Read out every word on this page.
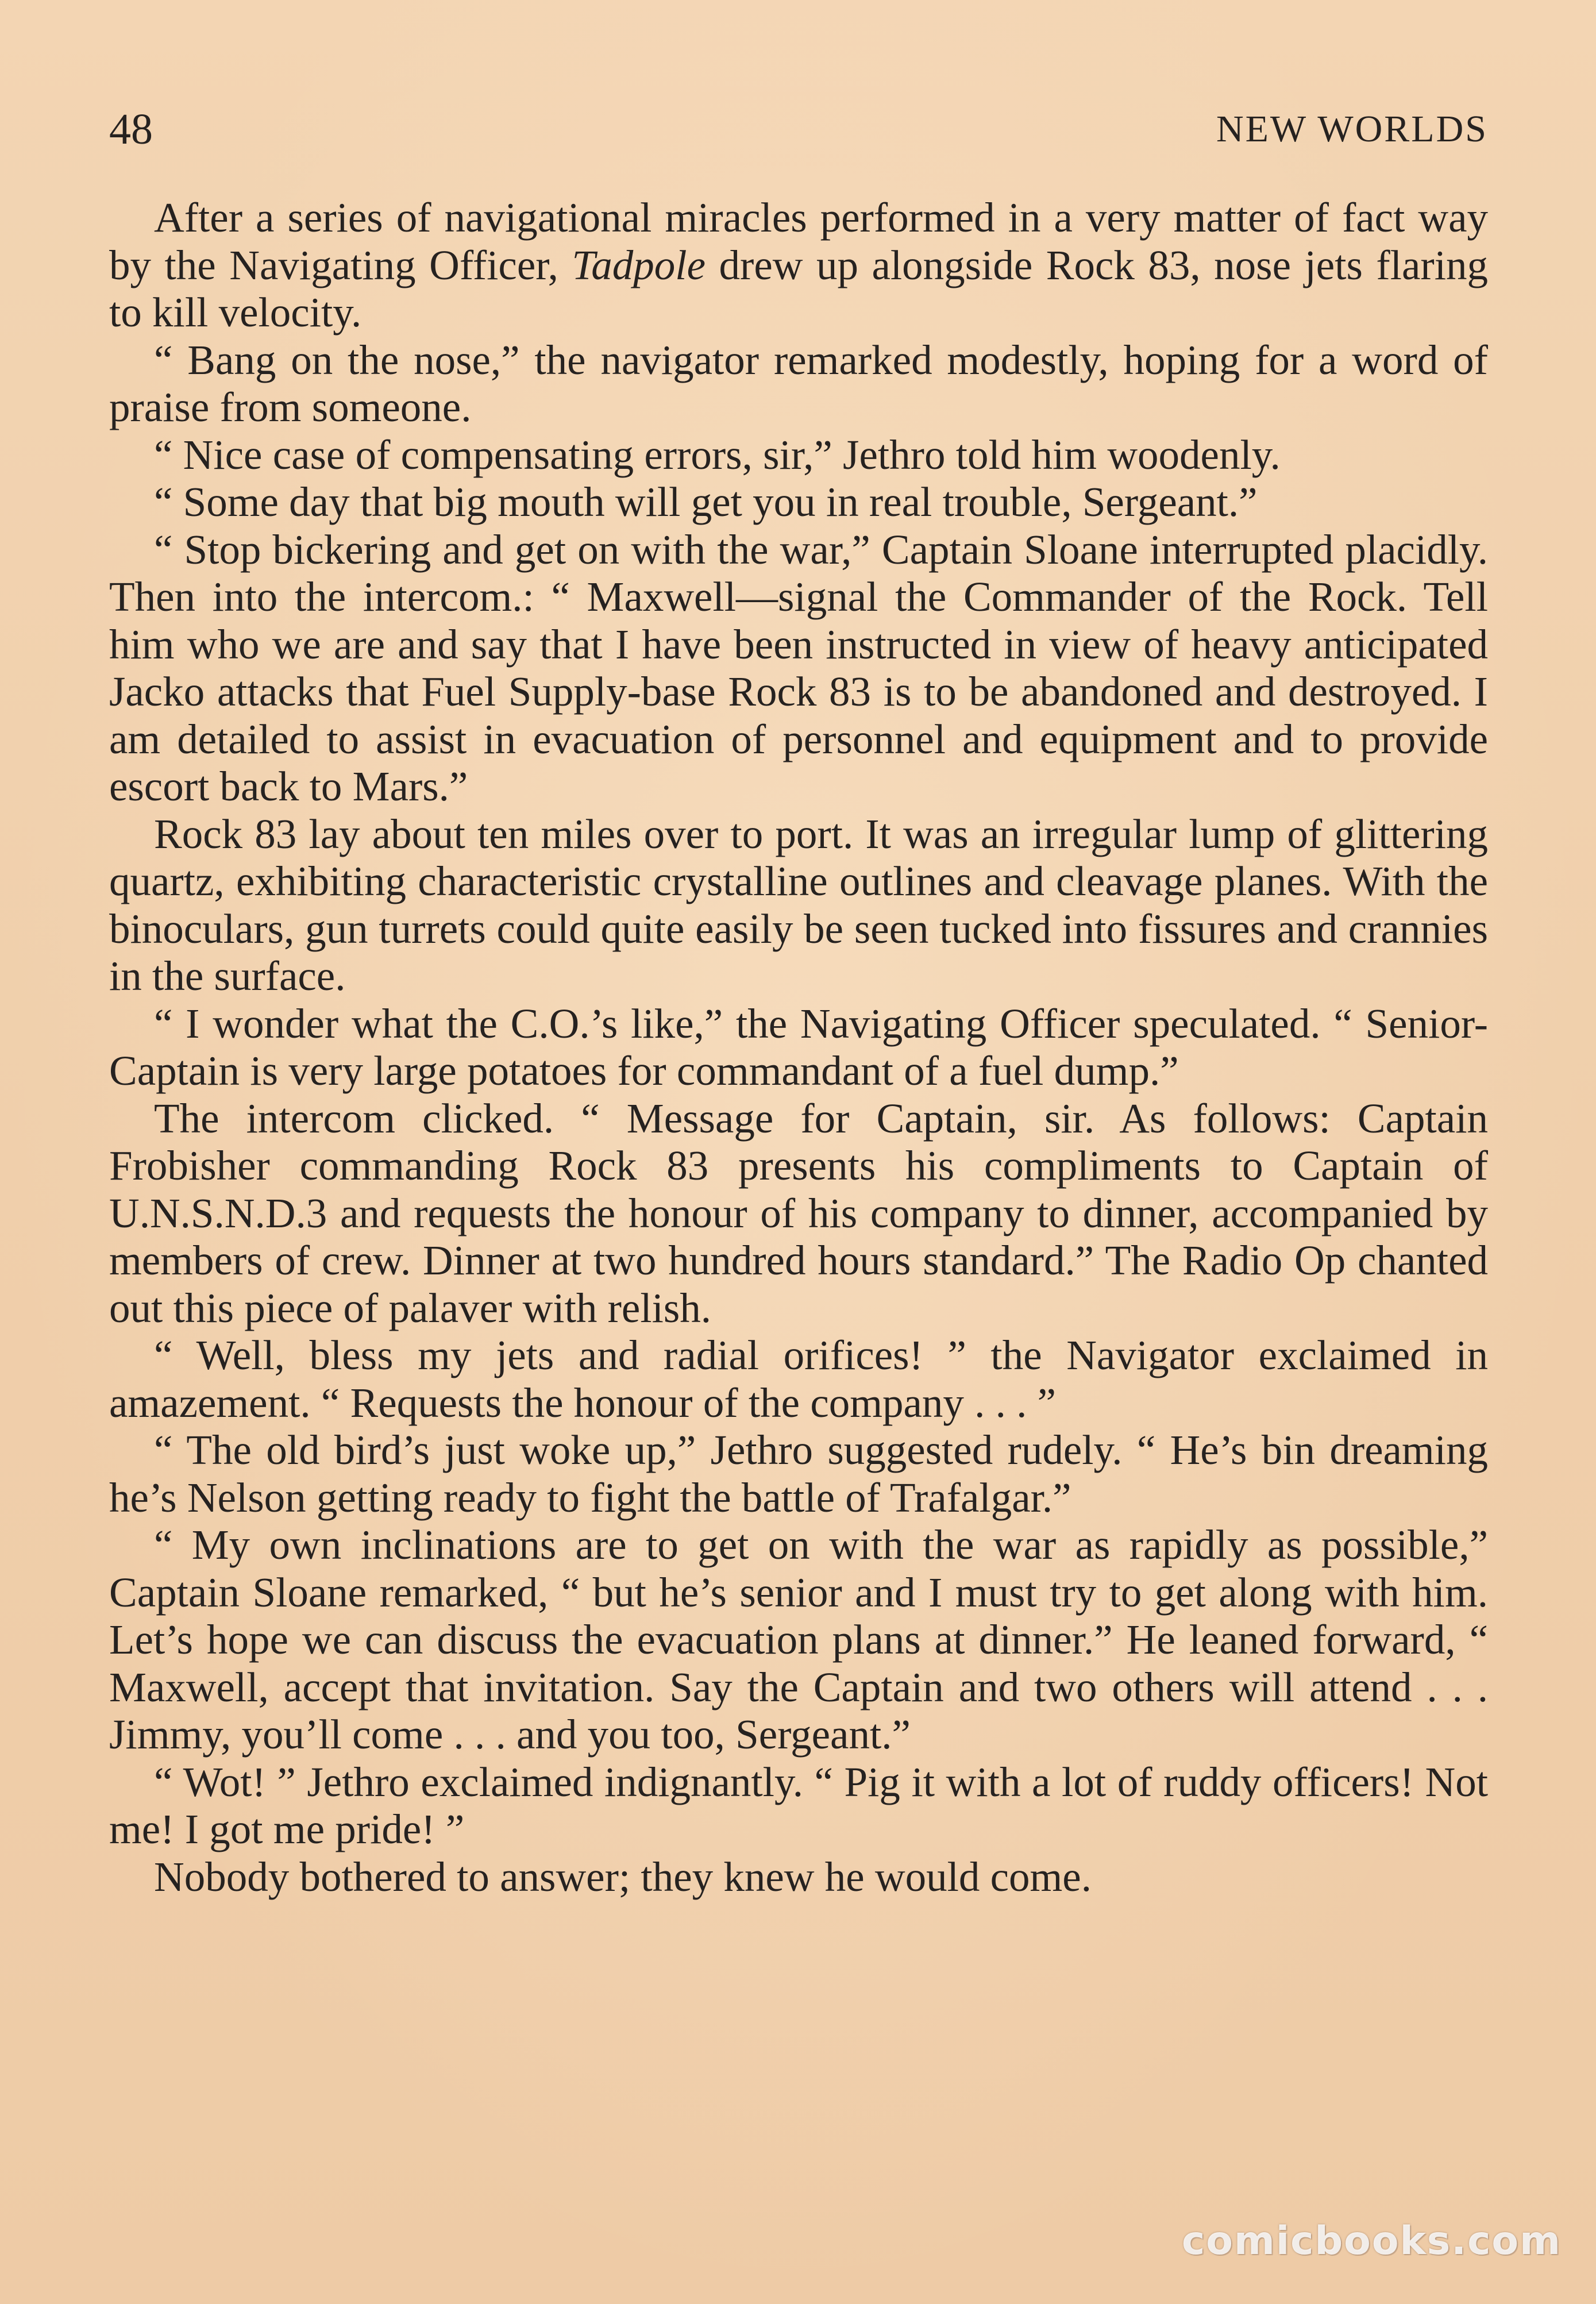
48	NEW WORLDS

After a series of navigational miracles performed in a very matter of fact way by the Navigating Officer, Tadpole drew up alongside Rock 83, nose jets flaring to kill velocity.

“ Bang on the nose,” the navigator remarked modestly, hoping for a word of praise from someone.

“ Nice case of compensating errors, sir,” Jethro told him woodenly.

“ Some day that big mouth will get you in real trouble, Sergeant.”

“ Stop bickering and get on with the war,” Captain Sloane interrupted placidly. Then into the intercom.: “ Maxwell—signal the Commander of the Rock. Tell him who we are and say that I have been instructed in view of heavy anticipated Jacko attacks that Fuel Supply-base Rock 83 is to be abandoned and destroyed. I am detailed to assist in evacuation of personnel and equipment and to provide escort back to Mars.”

Rock 83 lay about ten miles over to port. It was an irregular lump of glittering quartz, exhibiting characteristic crystalline outlines and cleavage planes. With the binoculars, gun turrets could quite easily be seen tucked into fissures and crannies in the surface.

“ I wonder what the C.O.’s like,” the Navigating Officer speculated. “ Senior-Captain is very large potatoes for commandant of a fuel dump.”

The intercom clicked. “ Message for Captain, sir. As follows: Captain Frobisher commanding Rock 83 presents his compliments to Captain of U.N.S.N.D.3 and requests the honour of his company to dinner, accompanied by members of crew. Dinner at two hundred hours standard.” The Radio Op chanted out this piece of palaver with relish.

“ Well, bless my jets and radial orifices! ” the Navigator exclaimed in amazement. “ Requests the honour of the company . . . ”

“ The old bird’s just woke up,” Jethro suggested rudely. “ He’s bin dreaming he’s Nelson getting ready to fight the battle of Trafalgar.”

“ My own inclinations are to get on with the war as rapidly as possible,” Captain Sloane remarked, “ but he’s senior and I must try to get along with him. Let’s hope we can discuss the evacuation plans at dinner.” He leaned forward, “ Maxwell, accept that invitation. Say the Captain and two others will attend . . . Jimmy, you’ll come . . . and you too, Sergeant.”

“ Wot! ” Jethro exclaimed indignantly. “ Pig it with a lot of ruddy officers! Not me! I got me pride! ”

Nobody bothered to answer; they knew he would come.

comicbooks.com
